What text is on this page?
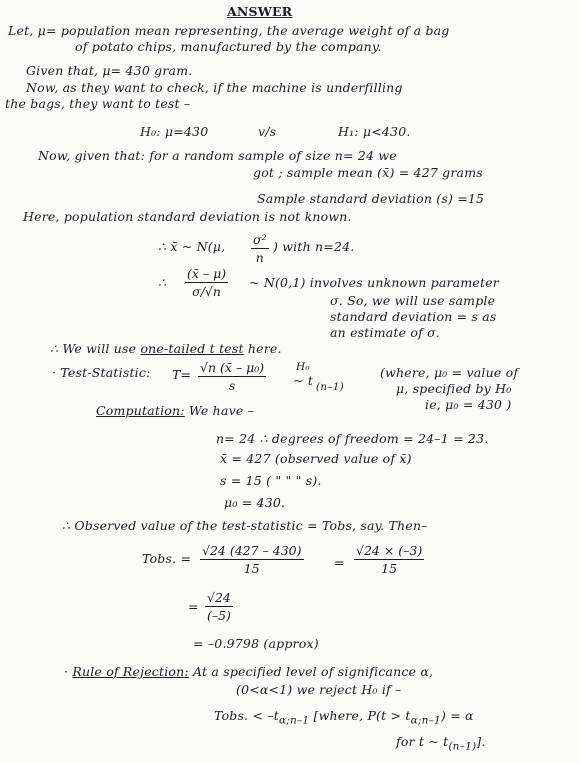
ANSWER
Let, μ= population mean representing, the average weight of a bag
of potato chips, manufactured by the company.
Given that, μ= 430 gram.
Now, as they want to check, if the machine is underfilling
the bags, they want to test –
H₀: μ=430	v/s	H₁: μ<430.
Now, given that: for a random sample of size n= 24 we
got ; sample mean (x̄) = 427 grams
Sample standard deviation (s) =15
Here, population standard deviation is not known.
∴ x̄ ~ N(μ, $\frac{\text{σ²}}{n}$ ) with n=24.
∴ $\frac{(x̄ - \mu)}{\sigma/√n}$ ~ N(0,1) involves unknown parameter
σ. So, we will use sample
standard deviation = s as
an estimate of σ.
∴ We will use one-tailed t test here.
· Test-Statistic: $T= \frac{\text{√n (x̄ – μ₀)}}{s}$	H₀
~ t (n–1)
(where, μ₀ = value of
μ, specified by H₀
ie, μ₀ = 430 )
Computation: We have –
n= 24 ∴ degrees of freedom = 24–1 = 23.
x̄ = 427 (observed value of x̄)
s = 15 ( " " " s).
μ₀ = 430.
∴ Observed value of the test-statistic = Tobs, say. Then–
Tobs. = $\frac{√24 (427 - 430)}{15} = \frac{√24 \times (-3)}{15}$
= $\frac{√24}{(-5)}$
= –0.9798 (approx)
· Rule of Rejection: At a specified level of significance α,
(0<α<1) we reject H₀ if –
Tobs. < $-t_{\alpha;n-1}$ [where, $P(t > t_{\alpha;n-1}) = \alpha$
for t ~ $t_{(n-1)}$].
